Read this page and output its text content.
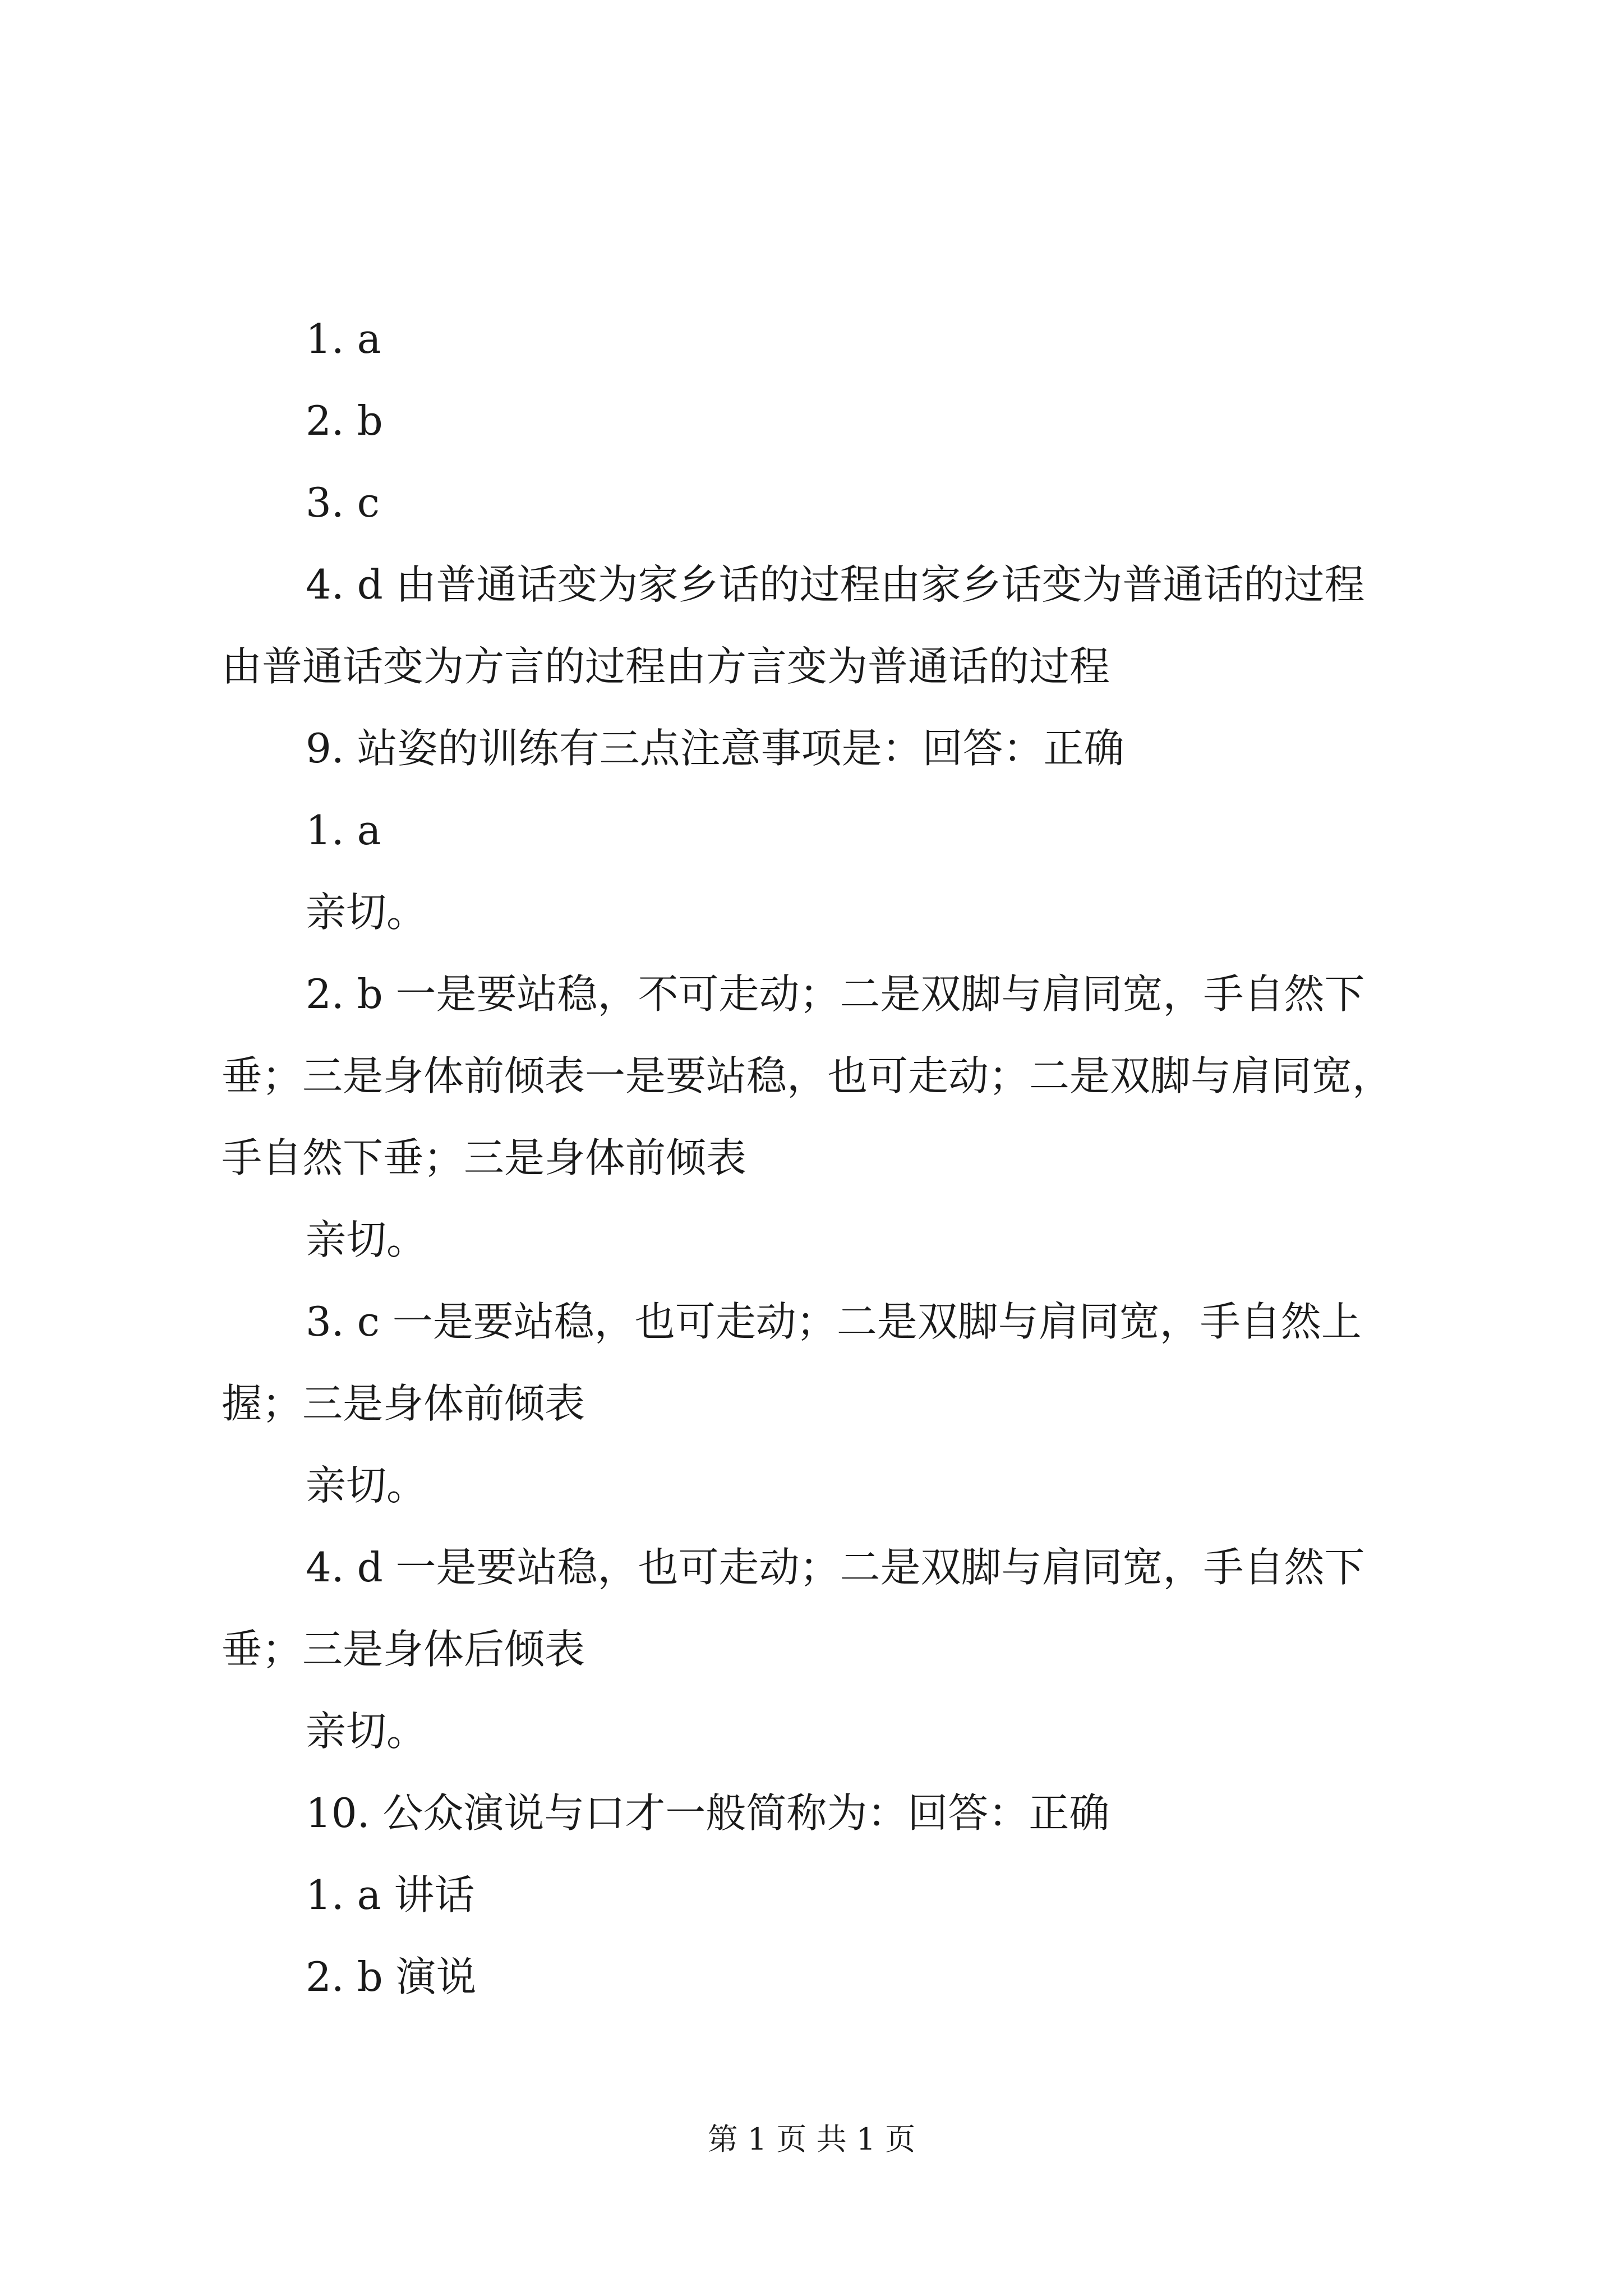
1. a
2. b
3. c
4. d 由普通话变为家乡话的过程由家乡话变为普通话的过程
由普通话变为方言的过程由方言变为普通话的过程
9. 站姿的训练有三点注意事项是：回答：正确
1. a
亲切。
2. b 一是要站稳，不可走动；二是双脚与肩同宽，手自然下
垂；三是身体前倾表一是要站稳，也可走动；二是双脚与肩同宽，
手自然下垂；三是身体前倾表
亲切。
3. c 一是要站稳，也可走动；二是双脚与肩同宽，手自然上
握；三是身体前倾表
亲切。
4. d 一是要站稳，也可走动；二是双脚与肩同宽，手自然下
垂；三是身体后倾表
亲切。
10. 公众演说与口才一般简称为：回答：正确
1. a 讲话
2. b 演说
第 1 页 共 1 页
